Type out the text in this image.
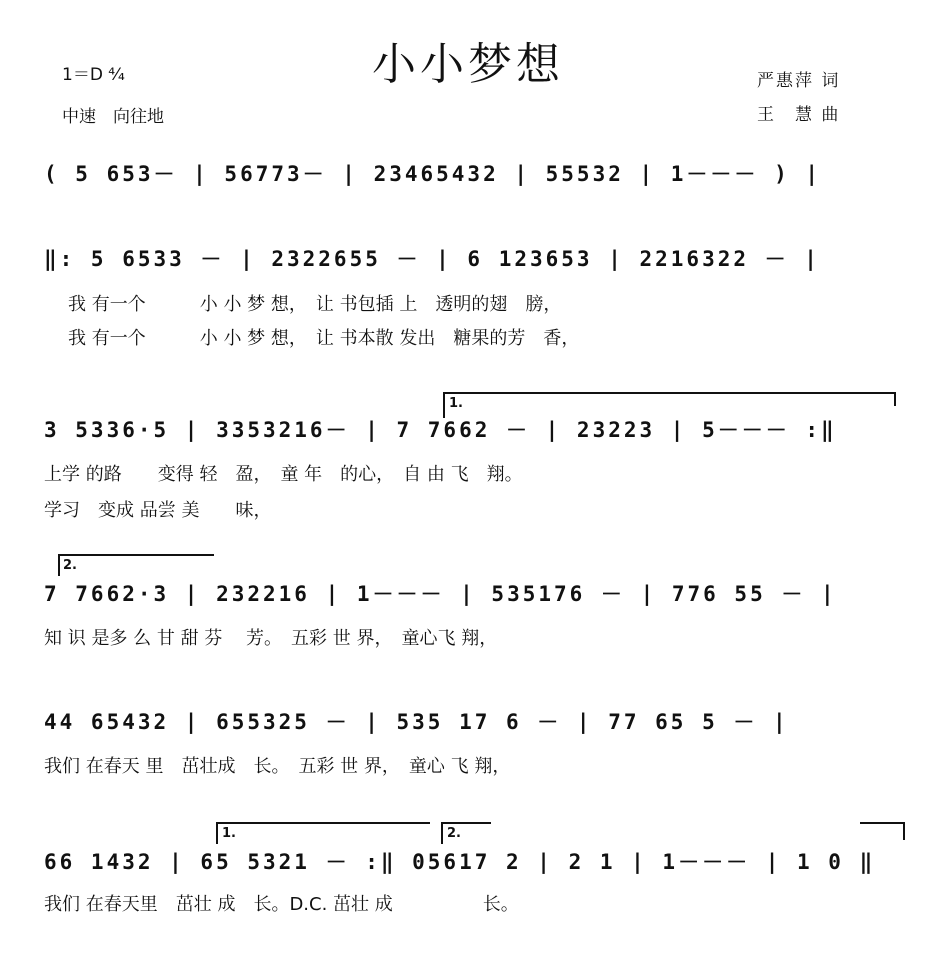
小小梦想
1＝D ⁴⁄₄
中速　向往地
严惠萍 词
王　慧 曲
( 5 653－ | 56773－ | 23465432 | 55532 | 1－－－ ) |
‖: 5 6533 － | 2322655 － | 6 123653 | 2216322 － |
我 有一个　　　小 小 梦 想，　让 书包插 上　透明的翅　膀，
我 有一个　　　小 小 梦 想，　让 书本散 发出　糖果的芳　香，
1.
3 5336·5 | 3353216－ | 7 7662 － | 23223 | 5－－－ :‖
上学 的路　　变得 轻　盈，　童 年　的心，　自 由 飞　翔。
学习　变成 品尝 美　　味，
2.
7 7662·3 | 232216 | 1－－－ | 535176 － | 776 55 － |
知 识 是多 么 甘 甜 芬　 芳。　五彩 世 界，　童心飞 翔，
44 65432 | 655325 － | 535 17 6 － | 77 65 5 － |
我们 在春天 里　茁壮成　长。　五彩 世 界，　童心 飞 翔，
1.	2.
66 1432 | 65 5321 － :‖ 05617 2 | 2 1 | 1－－－ | 1 0 ‖
我们 在春天里　茁壮 成　长。D.C. 茁壮 成　　　　　长。
